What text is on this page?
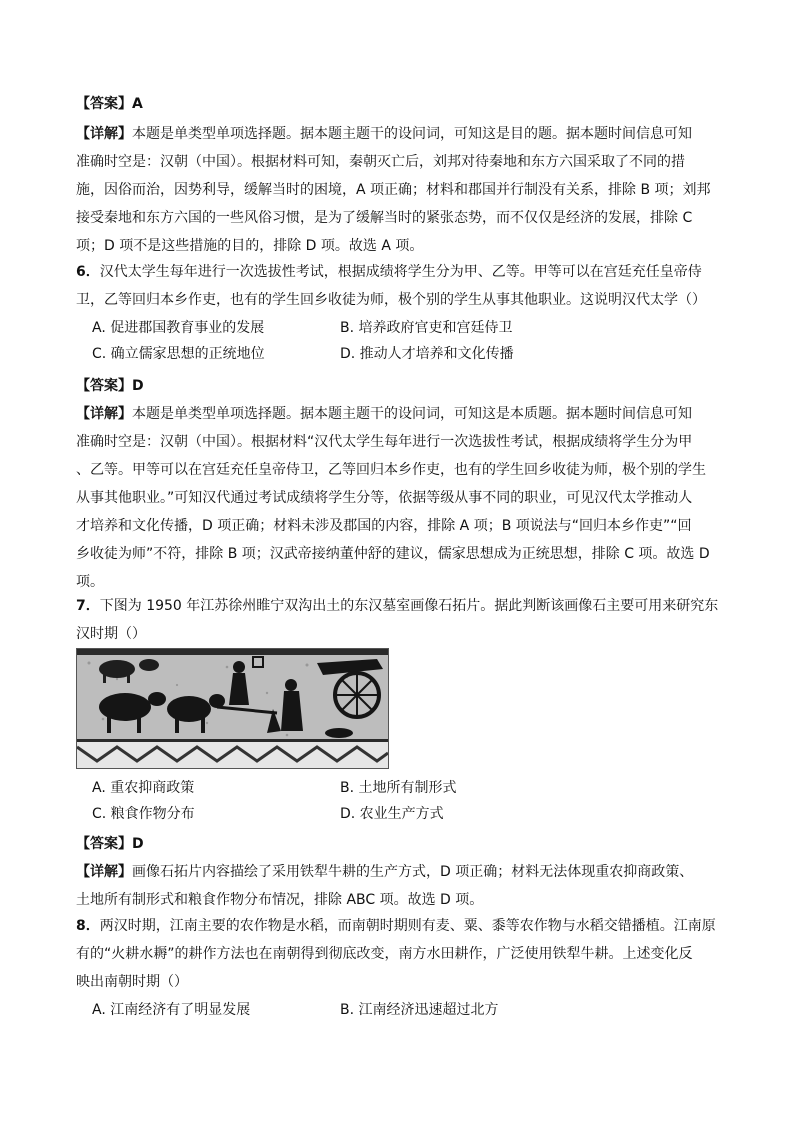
【答案】A
【详解】本题是单类型单项选择题。据本题主题干的设问词，可知这是目的题。据本题时间信息可知
准确时空是：汉朝（中国）。根据材料可知，秦朝灭亡后，刘邦对待秦地和东方六国采取了不同的措
施，因俗而治，因势利导，缓解当时的困境，A 项正确；材料和郡国并行制没有关系，排除 B 项；刘邦
接受秦地和东方六国的一些风俗习惯，是为了缓解当时的紧张态势，而不仅仅是经济的发展，排除 C
项；D 项不是这些措施的目的，排除 D 项。故选 A 项。
6．汉代太学生每年进行一次选拔性考试，根据成绩将学生分为甲、乙等。甲等可以在宫廷充任皇帝侍
卫，乙等回归本乡作吏，也有的学生回乡收徒为师，极个别的学生从事其他职业。这说明汉代太学（）
A. 促进郡国教育事业的发展	B. 培养政府官吏和宫廷侍卫
C. 确立儒家思想的正统地位	D. 推动人才培养和文化传播
【答案】D
【详解】本题是单类型单项选择题。据本题主题干的设问词，可知这是本质题。据本题时间信息可知
准确时空是：汉朝（中国）。根据材料“汉代太学生每年进行一次选拔性考试，根据成绩将学生分为甲
、乙等。甲等可以在宫廷充任皇帝侍卫，乙等回归本乡作吏，也有的学生回乡收徒为师，极个别的学生
从事其他职业。”可知汉代通过考试成绩将学生分等，依据等级从事不同的职业，可见汉代太学推动人
才培养和文化传播，D 项正确；材料未涉及郡国的内容，排除 A 项；B 项说法与“回归本乡作吏”“回
乡收徒为师”不符，排除 B 项；汉武帝接纳董仲舒的建议，儒家思想成为正统思想，排除 C 项。故选 D
项。
7．下图为 1950 年江苏徐州睢宁双沟出土的东汉墓室画像石拓片。据此判断该画像石主要可用来研究东
汉时期（）
A. 重农抑商政策	B. 土地所有制形式
C. 粮食作物分布	D. 农业生产方式
【答案】D
【详解】画像石拓片内容描绘了采用铁犁牛耕的生产方式，D 项正确；材料无法体现重农抑商政策、
土地所有制形式和粮食作物分布情况，排除 ABC 项。故选 D 项。
8．两汉时期，江南主要的农作物是水稻，而南朝时期则有麦、粟、黍等农作物与水稻交错播植。江南原
有的“火耕水耨”的耕作方法也在南朝得到彻底改变，南方水田耕作，广泛使用铁犁牛耕。上述变化反
映出南朝时期（）
A. 江南经济有了明显发展	B. 江南经济迅速超过北方
